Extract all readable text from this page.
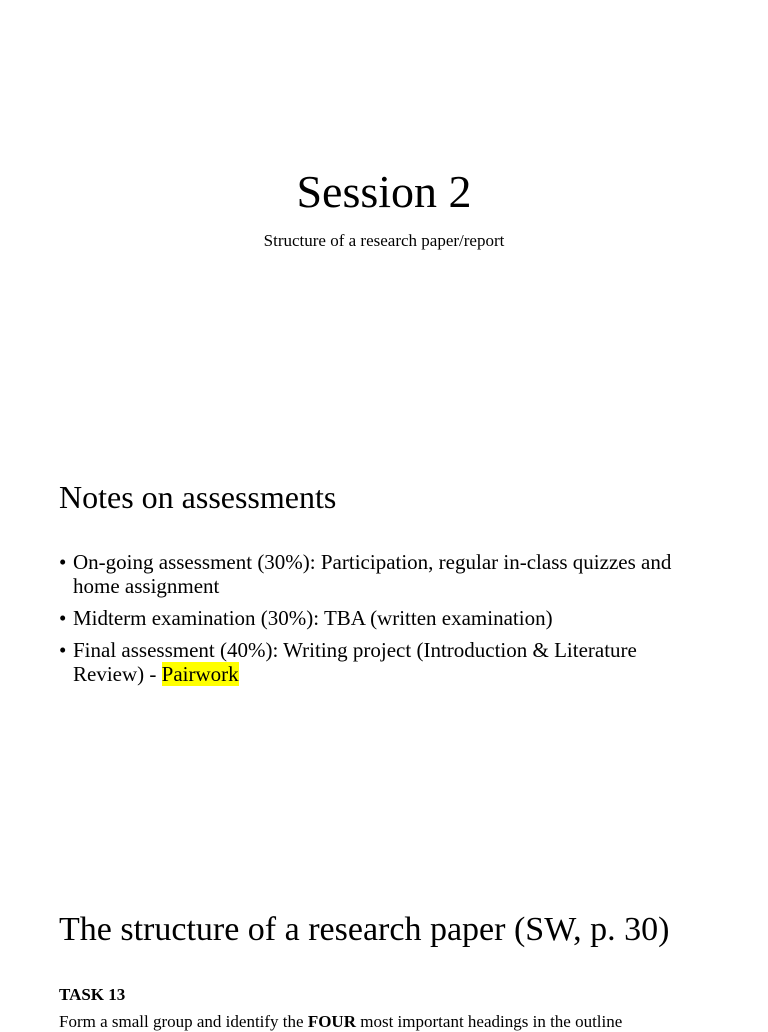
Session 2

Structure of a research paper/report

Notes on assessments
• On-going assessment (30%): Participation, regular in-class quizzes and home assignment
• Midterm examination (30%): TBA (written examination)
• Final assessment (40%): Writing project (Introduction & Literature Review) - Pairwork
The structure of a research paper (SW, p. 30)

TASK 13

Form a small group and identify the FOUR most important headings in the outline
